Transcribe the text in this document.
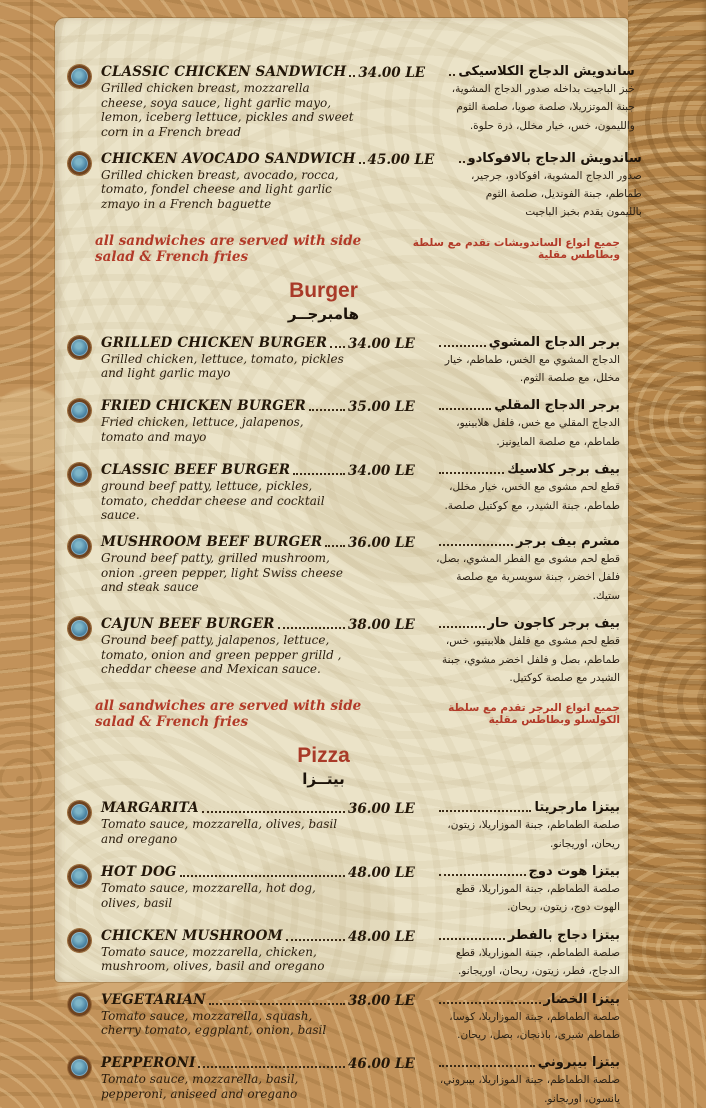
CLASSIC CHICKEN SANDWICH
Grilled chicken breast, mozzarella cheese, soya sauce, light garlic mayo, lemon, iceberg lettuce, pickles and sweet corn in a French bread
34.00 LE	ساندويش الدجاج الكلاسيكى
خبز الباجيت بداخله صدور الدجاج المشوية، جبنة الموتزريلا، صلصة صويا، صلصة الثوم والليمون، خس، خيار مخلل، ذرة حلوة.
CHICKEN AVOCADO SANDWICH
Grilled chicken breast, avocado, rocca, tomato, fondel cheese and light garlic zmayo in a French baguette
45.00 LE	ساندويش الدجاج بالافوكادو
صدور الدجاج المشوية، افوكادو، جرجير، طماطم، جبنة الفونديل، صلصة الثوم بالليمون يقدم بخبز الباجيت
all sandwiches are served with side salad & French fries
جميع انواع الساندويشات تقدم مع سلطة وبطاطس مقلية
Burger
هامبرجــر
GRILLED CHICKEN BURGER
Grilled chicken, lettuce, tomato, pickles and light garlic mayo
34.00 LE	برجر الدجاج المشوي
الدجاج المشوي مع الخس، طماطم، خيار مخلل، مع صلصة الثوم.
FRIED CHICKEN BURGER
Fried chicken, lettuce, jalapenos, tomato and mayo
35.00 LE	برجر الدجاج المقلي
الدجاج المقلي مع خس، فلفل هلابينيو، طماطم، مع صلصة المايونيز.
CLASSIC BEEF BURGER
ground beef patty, lettuce, pickles, tomato, cheddar cheese and cocktail sauce.
34.00 LE	بيف برجر كلاسيك
قطع لحم مشوى مع الخس، خيار مخلل، طماطم، جبنة الشيدر، مع كوكتيل صلصة.
MUSHROOM BEEF BURGER
Ground beef patty, grilled mushroom, onion .green pepper, light Swiss cheese and steak sauce
36.00 LE	مشرم بيف برجر
قطع لحم مشوى مع الفطر المشوي، بصل، فلفل اخضر، جبنة سويسرية مع صلصة ستيك.
CAJUN BEEF BURGER
Ground beef patty, jalapenos, lettuce, tomato, onion and green pepper grilld , cheddar cheese and Mexican sauce.
38.00 LE	بيف برجر كاجون حار
قطع لحم مشوى مع فلفل هلابينيو، خس، طماطم، بصل و فلفل اخضر مشوي، جبنة الشيدر مع صلصة كوكتيل.
all sandwiches are served with side salad & French fries
جميع انواع البرجر تقدم مع سلطة الكولسلو وبطاطس مقلية
Pizza
بيتــزا
MARGARITA
Tomato sauce, mozzarella, olives, basil and oregano
36.00 LE	بيتزا مارجريتا
صلصة الطماطم، جبنة الموزاريلا، زيتون، ريحان، اوريجانو.
HOT DOG
Tomato sauce, mozzarella, hot dog, olives, basil
48.00 LE	بيتزا هوت دوج
صلصة الطماطم، جبنة الموزاريلا، قطع الهوت دوج، زيتون، ريحان.
CHICKEN MUSHROOM
Tomato sauce, mozzarella, chicken, mushroom, olives, basil and oregano
48.00 LE	بيتزا دجاج بالفطر
صلصة الطماطم، جبنة الموزاريلا، قطع الدجاج، فطر، زيتون، ريحان، اوريجانو.
VEGETARIAN
Tomato sauce, mozzarella, squash, cherry tomato, eggplant, onion, basil
38.00 LE	بيتزا الخضار
صلصة الطماطم، جبنة الموزاريلا، كوسا، طماطم شيرى، باذنجان، بصل، ريحان.
PEPPERONI
Tomato sauce, mozzarella, basil, pepperoni, aniseed and oregano
46.00 LE	بيتزا بيبروني
صلصة الطماطم، جبنة الموزاريلا، بيبروني، يانسون، اوريجانو.
